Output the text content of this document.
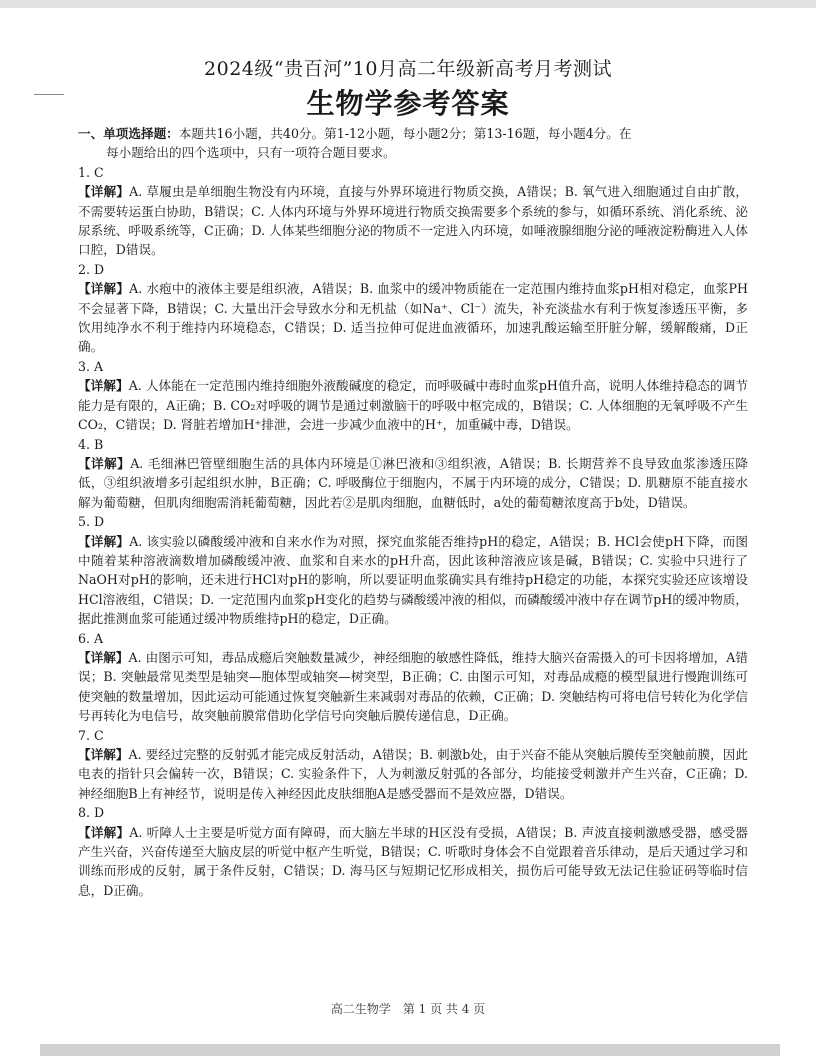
2024级“贵百河”10月高二年级新高考月考测试
生物学参考答案

一、单项选择题：本题共16小题，共40分。第1-12小题，每小题2分；第13-16题，每小题4分。在
每小题给出的四个选项中，只有一项符合题目要求。

1. C

【详解】A. 草履虫是单细胞生物没有内环境，直接与外界环境进行物质交换，A错误；B. 氧气进入细胞通过自由扩散，不需要转运蛋白协助，B错误；C. 人体内环境与外界环境进行物质交换需要多个系统的参与，如循环系统、消化系统、泌尿系统、呼吸系统等，C正确；D. 人体某些细胞分泌的物质不一定进入内环境，如唾液腺细胞分泌的唾液淀粉酶进入人体口腔，D错误。

2. D

【详解】A. 水疱中的液体主要是组织液，A错误；B. 血浆中的缓冲物质能在一定范围内维持血浆pH相对稳定，血浆PH不会显著下降，B错误；C. 大量出汗会导致水分和无机盐（如Na⁺、Cl⁻）流失，补充淡盐水有利于恢复渗透压平衡，多饮用纯净水不利于维持内环境稳态，C错误；D. 适当拉伸可促进血液循环，加速乳酸运输至肝脏分解，缓解酸痛，D正确。

3. A

【详解】A. 人体能在一定范围内维持细胞外液酸碱度的稳定，而呼吸碱中毒时血浆pH值升高，说明人体维持稳态的调节能力是有限的，A正确；B. CO₂对呼吸的调节是通过刺激脑干的呼吸中枢完成的，B错误；C. 人体细胞的无氧呼吸不产生CO₂，C错误；D. 肾脏若增加H⁺排泄，会进一步减少血液中的H⁺，加重碱中毒，D错误。

4. B

【详解】A. 毛细淋巴管壁细胞生活的具体内环境是①淋巴液和③组织液，A错误；B. 长期营养不良导致血浆渗透压降低，③组织液增多引起组织水肿，B正确；C. 呼吸酶位于细胞内，不属于内环境的成分，C错误；D. 肌糖原不能直接水解为葡萄糖，但肌肉细胞需消耗葡萄糖，因此若②是肌肉细胞，血糖低时，a处的葡萄糖浓度高于b处，D错误。

5. D

【详解】A. 该实验以磷酸缓冲液和自来水作为对照，探究血浆能否维持pH的稳定，A错误；B. HCl会使pH下降，而图中随着某种溶液滴数增加磷酸缓冲液、血浆和自来水的pH升高，因此该种溶液应该是碱，B错误；C. 实验中只进行了NaOH对pH的影响，还未进行HCl对pH的影响，所以要证明血浆确实具有维持pH稳定的功能，本探究实验还应该增设HCl溶液组，C错误；D. 一定范围内血浆pH变化的趋势与磷酸缓冲液的相似，而磷酸缓冲液中存在调节pH的缓冲物质，据此推测血浆可能通过缓冲物质维持pH的稳定，D正确。

6. A

【详解】A. 由图示可知，毒品成瘾后突触数量减少，神经细胞的敏感性降低，维持大脑兴奋需摄入的可卡因将增加，A错误；B. 突触最常见类型是轴突—胞体型或轴突—树突型，B正确；C. 由图示可知，对毒品成瘾的模型鼠进行慢跑训练可使突触的数量增加，因此运动可能通过恢复突触新生来减弱对毒品的依赖，C正确；D. 突触结构可将电信号转化为化学信号再转化为电信号，故突触前膜常借助化学信号向突触后膜传递信息，D正确。

7. C

【详解】A. 要经过完整的反射弧才能完成反射活动，A错误；B. 刺激b处，由于兴奋不能从突触后膜传至突触前膜，因此电表的指针只会偏转一次，B错误；C. 实验条件下，人为刺激反射弧的各部分，均能接受刺激并产生兴奋，C正确；D. 神经细胞B上有神经节，说明是传入神经因此皮肤细胞A是感受器而不是效应器，D错误。

8. D

【详解】A. 听障人士主要是听觉方面有障碍，而大脑左半球的H区没有受损，A错误；B. 声波直接刺激感受器，感受器产生兴奋，兴奋传递至大脑皮层的听觉中枢产生听觉，B错误；C. 听歌时身体会不自觉跟着音乐律动，是后天通过学习和训练而形成的反射，属于条件反射，C错误；D. 海马区与短期记忆形成相关，损伤后可能导致无法记住验证码等临时信息，D正确。

高二生物学　第 1 页 共 4 页
